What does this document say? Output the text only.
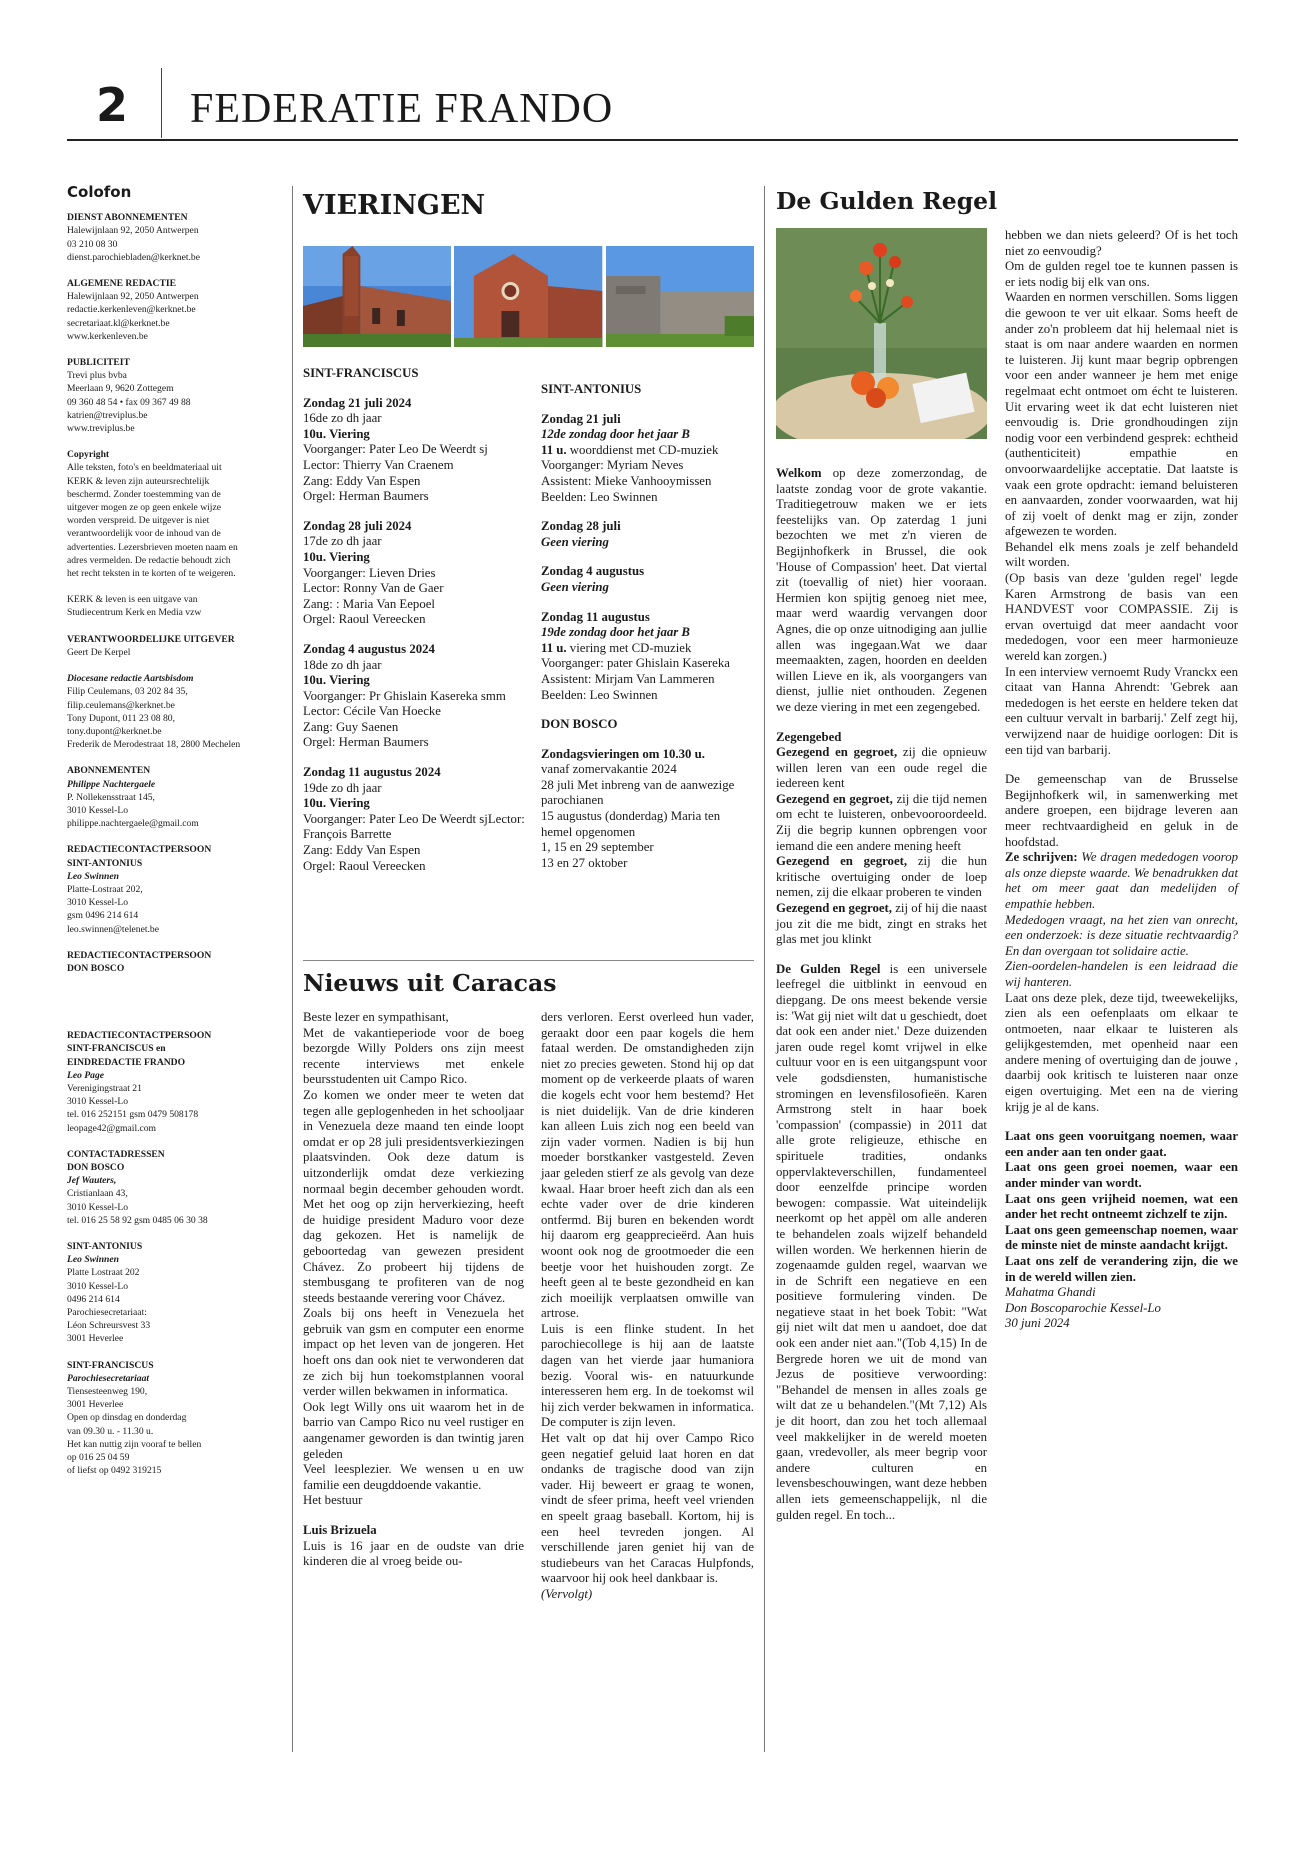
2 FEDERATIE FRANDO
Colofon
DIENST ABONNEMENTEN
Halewijnlaan 92, 2050 Antwerpen
03 210 08 30
dienst.parochiebladen@kerknet.be
ALGEMENE REDACTIE
Halewijnlaan 92, 2050 Antwerpen
redactie.kerkenleven@kerknet.be
secretariaat.kl@kerknet.be
www.kerkenleven.be
PUBLICITEIT
Trevi plus bvba
Meerlaan 9, 9620 Zottegem
09 360 48 54 • fax 09 367 49 88
katrien@treviplus.be
www.treviplus.be
Copyright
Alle teksten, foto's en beeldmateriaal uit
KERK & leven zijn auteursrechtelijk
beschermd. Zonder toestemming van de
uitgever mogen ze op geen enkele wijze
worden verspreid. De uitgever is niet
verantwoordelijk voor de inhoud van de
advertenties. Lezersbrieven moeten naam en
adres vermelden. De redactie behoudt zich
het recht teksten in te korten of te weigeren.
KERK & leven is een uitgave van
Studiecentrum Kerk en Media vzw
VERANTWOORDELIJKE UITGEVER
Geert De Kerpel
Diocesane redactie Aartsbisdom
Filip Ceulemans, 03 202 84 35,
filip.ceulemans@kerknet.be
Tony Dupont, 011 23 08 80,
tony.dupont@kerknet.be
Frederik de Merodestraat 18, 2800 Mechelen
ABONNEMENTEN
Philippe Nachtergaele
P. Nollekensstraat 145,
3010 Kessel-Lo
philippe.nachtergaele@gmail.com
REDACTIECONTACTPERSOON
SINT-ANTONIUS
Leo Swinnen
Platte-Lostraat 202,
3010 Kessel-Lo
gsm 0496 214 614
leo.swinnen@telenet.be
REDACTIECONTACTPERSOON
DON BOSCO
REDACTIECONTACTPERSOON
SINT-FRANCISCUS en
EINDREDACTIE FRANDO
Leo Page
Verenigingstraat 21
3010 Kessel-Lo
tel. 016 252151 gsm 0479 508178
leopage42@gmail.com
CONTACTADRESSEN
DON BOSCO
Jef Wauters,
Cristianlaan 43,
3010 Kessel-Lo
tel. 016 25 58 92 gsm 0485 06 30 38
SINT-ANTONIUS
Leo Swinnen
Platte Lostraat 202
3010 Kessel-Lo
0496 214 614
Parochiesecretariaat:
Léon Schreursvest 33
3001 Heverlee
SINT-FRANCISCUS
Parochiesecretariaat
Tiensesteenweg 190,
3001 Heverlee
Open op dinsdag en donderdag
van 09.30 u. - 11.30 u.
Het kan nuttig zijn vooraf te bellen
op 016 25 04 59
of liefst op 0492 319215
VIERINGEN

SINT-FRANCISCUS

Zondag 21 juli 2024

16de zo dh jaar

10u. Viering

Voorganger: Pater Leo De Weerdt sj

Lector: Thierry Van Craenem

Zang: Eddy Van Espen

Orgel: Herman Baumers

Zondag 28 juli 2024

17de zo dh jaar

10u. Viering

Voorganger: Lieven Dries

Lector: Ronny Van de Gaer

Zang: : Maria Van Eepoel

Orgel: Raoul Vereecken

Zondag 4 augustus 2024

18de zo dh jaar

10u. Viering

Voorganger: Pr Ghislain Kasereka smm

Lector: Cécile Van Hoecke

Zang: Guy Saenen

Orgel: Herman Baumers

Zondag 11 augustus 2024

19de zo dh jaar

10u. Viering

Voorganger: Pater Leo De Weerdt sjLector: François Barrette

Zang: Eddy Van Espen

Orgel: Raoul Vereecken

SINT-ANTONIUS

Zondag 21 juli

12de zondag door het jaar B

11 u. woorddienst met CD-muziek

Voorganger: Myriam Neves

Assistent: Mieke Vanhooymissen

Beelden: Leo Swinnen

Zondag 28 juli

Geen viering

Zondag 4 augustus

Geen viering

Zondag 11 augustus

19de zondag door het jaar B

11 u. viering met CD-muziek

Voorganger: pater Ghislain Kasereka

Assistent: Mirjam Van Lammeren

Beelden: Leo Swinnen

DON BOSCO

Zondagsvieringen om 10.30 u.

vanaf zomervakantie 2024

28 juli Met inbreng van de aanwezige parochianen

15 augustus (donderdag) Maria ten hemel opgenomen

1, 15 en 29 september

13 en 27 oktober

Nieuws uit Caracas

Beste lezer en sympathisant,

Met de vakantieperiode voor de boeg bezorgde Willy Polders ons zijn meest recente interviews met enkele beursstudenten uit Campo Rico.

Zo komen we onder meer te weten dat tegen alle geplogenheden in het schooljaar in Venezuela deze maand ten einde loopt omdat er op 28 juli presidentsverkiezingen plaatsvinden. Ook deze datum is uitzonderlijk omdat deze verkiezing normaal begin december gehouden wordt. Met het oog op zijn herverkiezing, heeft de huidige president Maduro voor deze dag gekozen. Het is namelijk de geboortedag van gewezen president Chávez. Zo probeert hij tijdens de stembusgang te profiteren van de nog steeds bestaande verering voor Chávez.

Zoals bij ons heeft in Venezuela het gebruik van gsm en computer een enorme impact op het leven van de jongeren. Het hoeft ons dan ook niet te verwonderen dat ze zich bij hun toekomstplannen vooral verder willen bekwamen in informatica.

Ook legt Willy ons uit waarom het in de barrio van Campo Rico nu veel rustiger en aangenamer geworden is dan twintig jaren geleden

Veel leesplezier. We wensen u en uw familie een deugddoende vakantie.

Het bestuur

Luis Brizuela

Luis is 16 jaar en de oudste van drie kinderen die al vroeg beide ou-

ders verloren. Eerst overleed hun vader, geraakt door een paar kogels die hem fataal werden. De omstandigheden zijn niet zo precies geweten. Stond hij op dat moment op de verkeerde plaats of waren die kogels echt voor hem bestemd? Het is niet duidelijk. Van de drie kinderen kan alleen Luis zich nog een beeld van zijn vader vormen. Nadien is bij hun moeder borstkanker vastgesteld. Zeven jaar geleden stierf ze als gevolg van deze kwaal. Haar broer heeft zich dan als een echte vader over de drie kinderen ontfermd. Bij buren en bekenden wordt hij daarom erg geapprecieërd. Aan huis woont ook nog de grootmoeder die een beetje voor het huishouden zorgt. Ze heeft geen al te beste gezondheid en kan zich moeilijk verplaatsen omwille van artrose.

Luis is een flinke student. In het parochiecollege is hij aan de laatste dagen van het vierde jaar humaniora bezig. Vooral wis- en natuurkunde interesseren hem erg. In de toekomst wil hij zich verder bekwamen in informatica. De computer is zijn leven.

Het valt op dat hij over Campo Rico geen negatief geluid laat horen en dat ondanks de tragische dood van zijn vader. Hij beweert er graag te wonen, vindt de sfeer prima, heeft veel vrienden en speelt graag baseball. Kortom, hij is een heel tevreden jongen. Al verschillende jaren geniet hij van de studiebeurs van het Caracas Hulpfonds, waarvoor hij ook heel dankbaar is.

(Vervolgt)

De Gulden Regel

Welkom op deze zomerzondag, de laatste zondag voor de grote vakantie. Traditiegetrouw maken we er iets feestelijks van. Op zaterdag 1 juni bezochten we met z'n vieren de Begijnhofkerk in Brussel, die ook 'House of Compassion' heet. Dat viertal zit (toevallig of niet) hier vooraan. Hermien kon spijtig genoeg niet mee, maar werd waardig vervangen door Agnes, die op onze uitnodiging aan jullie allen was ingegaan.Wat we daar meemaakten, zagen, hoorden en deelden willen Lieve en ik, als voorgangers van dienst, jullie niet onthouden. Zegenen we deze viering in met een zegengebed.

Zegengebed

Gezegend en gegroet, zij die opnieuw willen leren van een oude regel die iedereen kent

Gezegend en gegroet, zij die tijd nemen om echt te luisteren, onbevooroordeeld. Zij die begrip kunnen opbrengen voor iemand die een andere mening heeft

Gezegend en gegroet, zij die hun kritische overtuiging onder de loep nemen, zij die elkaar proberen te vinden

Gezegend en gegroet, zij of hij die naast jou zit die me bidt, zingt en straks het glas met jou klinkt

De Gulden Regel is een universele leefregel die uitblinkt in eenvoud en diepgang. De ons meest bekende versie is: 'Wat gij niet wilt dat u geschiedt, doet dat ook een ander niet.' Deze duizenden jaren oude regel komt vrijwel in elke cultuur voor en is een uitgangspunt voor vele godsdiensten, humanistische stromingen en levensfilosofieën. Karen Armstrong stelt in haar boek 'compassion' (compassie) in 2011 dat alle grote religieuze, ethische en spirituele tradities, ondanks oppervlakteverschillen, fundamenteel door eenzelfde principe worden bewogen: compassie. Wat uiteindelijk neerkomt op het appèl om alle anderen te behandelen zoals wijzelf behandeld willen worden. We herkennen hierin de zogenaamde gulden regel, waarvan we in de Schrift een negatieve en een positieve formulering vinden. De negatieve staat in het boek Tobit: "Wat gij niet wilt dat men u aandoet, doe dat ook een ander niet aan."(Tob 4,15) In de Bergrede horen we uit de mond van Jezus de positieve verwoording: "Behandel de mensen in alles zoals ge wilt dat ze u behandelen."(Mt 7,12) Als je dit hoort, dan zou het toch allemaal veel makkelijker in de wereld moeten gaan, vredevoller, als meer begrip voor andere culturen en levensbeschouwingen, want deze hebben allen iets gemeenschappelijk, nl die gulden regel. En toch...

hebben we dan niets geleerd? Of is het toch niet zo eenvoudig?

Om de gulden regel toe te kunnen passen is er iets nodig bij elk van ons.

Waarden en normen verschillen. Soms liggen die gewoon te ver uit elkaar. Soms heeft de ander zo'n probleem dat hij helemaal niet is staat is om naar andere waarden en normen te luisteren. Jij kunt maar begrip opbrengen voor een ander wanneer je hem met enige regelmaat echt ontmoet om écht te luisteren. Uit ervaring weet ik dat echt luisteren niet eenvoudig is. Drie grondhoudingen zijn nodig voor een verbindend gesprek: echtheid (authenticiteit) empathie en onvoorwaardelijke acceptatie. Dat laatste is vaak een grote opdracht: iemand beluisteren en aanvaarden, zonder voorwaarden, wat hij of zij voelt of denkt mag er zijn, zonder afgewezen te worden.

Behandel elk mens zoals je zelf behandeld wilt worden.

(Op basis van deze 'gulden regel' legde Karen Armstrong de basis van een HANDVEST voor COMPASSIE. Zij is ervan overtuigd dat meer aandacht voor mededogen, voor een meer harmonieuze wereld kan zorgen.)

In een interview vernoemt Rudy Vranckx een citaat van Hanna Ahrendt: 'Gebrek aan mededogen is het eerste en heldere teken dat een cultuur vervalt in barbarij.' Zelf zegt hij, verwijzend naar de huidige oorlogen: Dit is een tijd van barbarij.

De gemeenschap van de Brusselse Begijnhofkerk wil, in samenwerking met andere groepen, een bijdrage leveren aan meer rechtvaardigheid en geluk in de hoofdstad.

Ze schrijven: We dragen mededogen voorop als onze diepste waarde. We benadrukken dat het om meer gaat dan medelijden of empathie hebben.

Mededogen vraagt, na het zien van onrecht, een onderzoek: is deze situatie rechtvaardig? En dan overgaan tot solidaire actie.

Zien-oordelen-handelen is een leidraad die wij hanteren.

Laat ons deze plek, deze tijd, tweewekelijks, zien als een oefenplaats om elkaar te ontmoeten, naar elkaar te luisteren als gelijkgestemden, met openheid naar een andere mening of overtuiging dan de jouwe , daarbij ook kritisch te luisteren naar onze eigen overtuiging. Met een na de viering krijg je al de kans.

Laat ons geen vooruitgang noemen, waar een ander aan ten onder gaat.

Laat ons geen groei noemen, waar een ander minder van wordt.

Laat ons geen vrijheid noemen, wat een ander het recht ontneemt zichzelf te zijn.

Laat ons geen gemeenschap noemen, waar de minste niet de minste aandacht krijgt.

Laat ons zelf de verandering zijn, die we in de wereld willen zien.

Mahatma Ghandi

Don Boscoparochie Kessel-Lo

30 juni 2024
